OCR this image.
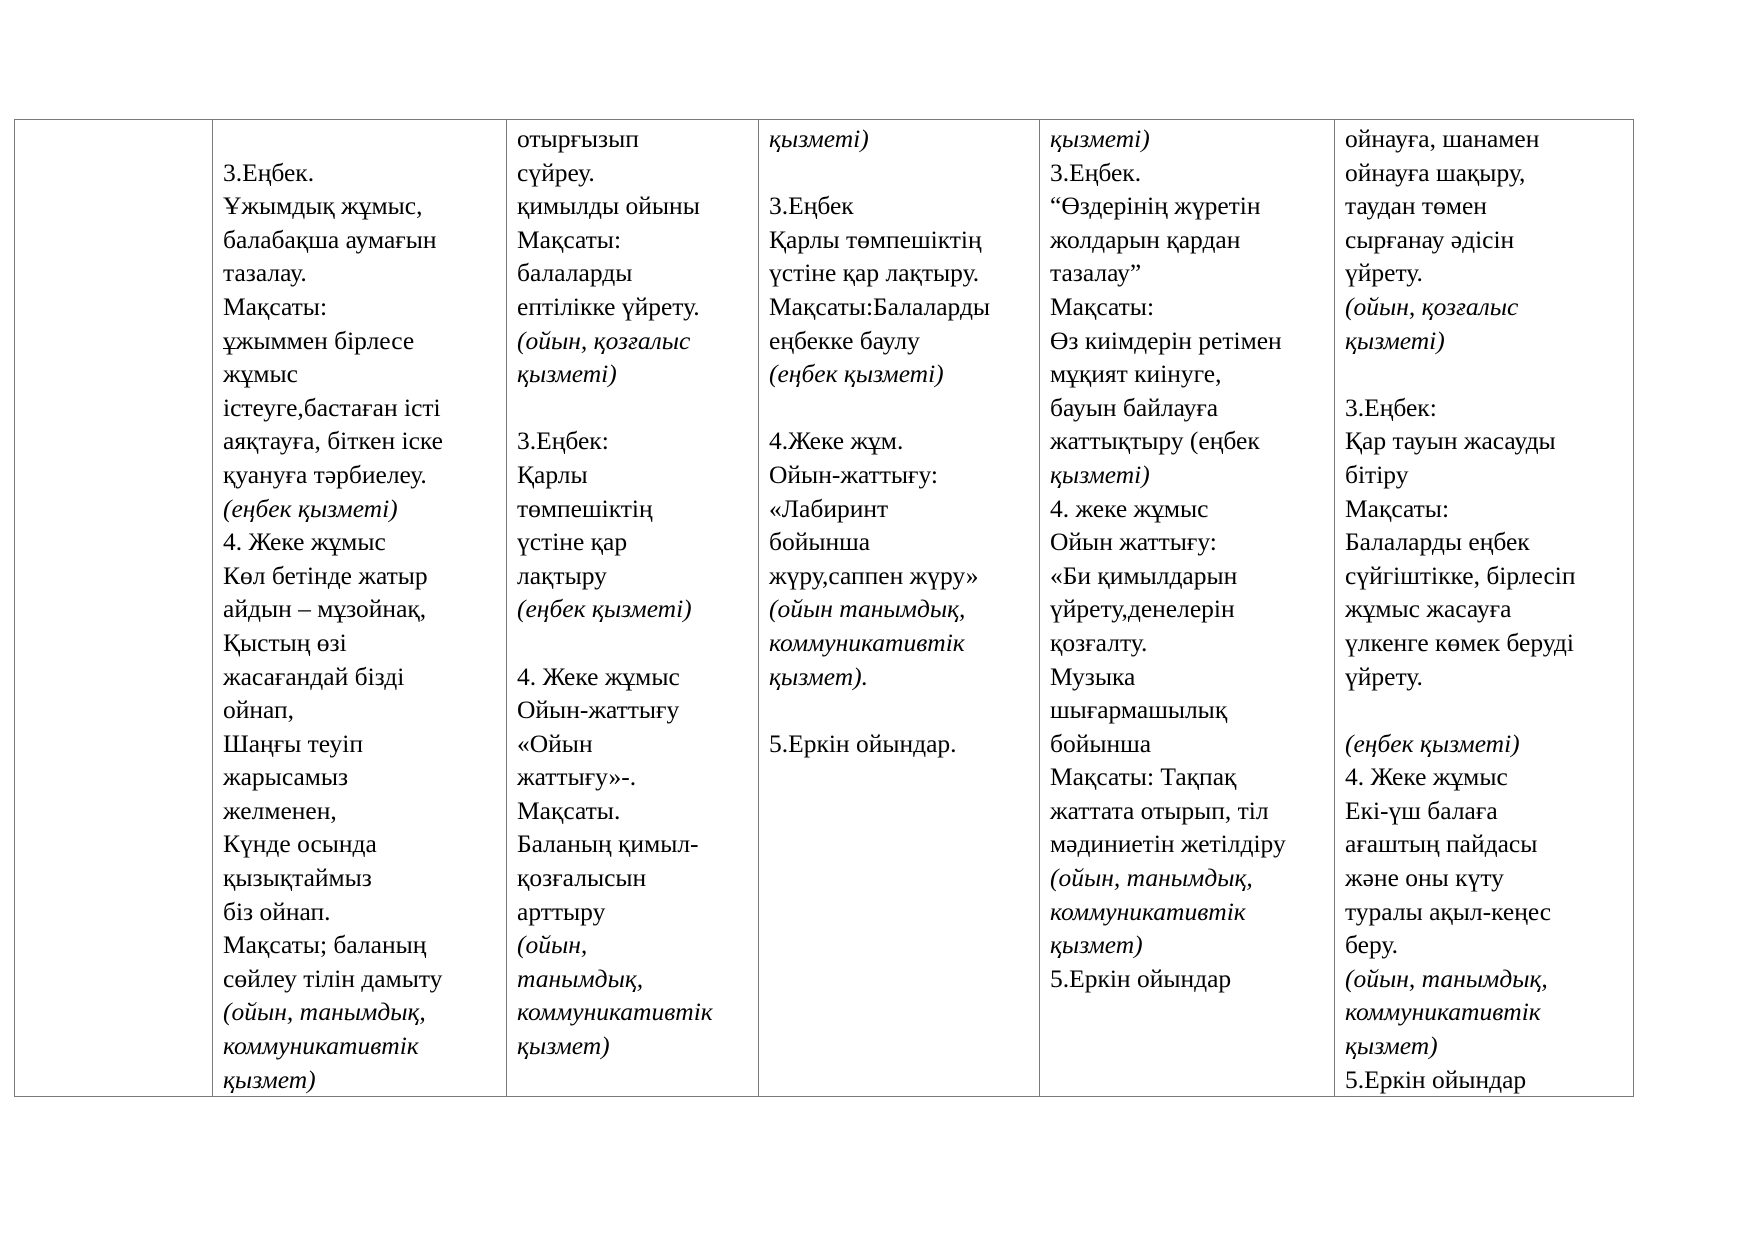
3.Еңбек.
Ұжымдық жұмыс,
балабақша аумағын
тазалау.
Мақсаты:
ұжыммен бірлесе
жұмыс
істеуге,бастаған істі
аяқтауға, біткен іске
қуануға тәрбиелеу.
(еңбек қызметі)
4. Жеке жұмыс
Көл бетінде жатыр
айдын – мұзойнақ,
Қыстың өзі
жасағандай бізді
ойнап,
Шаңғы теуіп
жарысамыз
желменен,
Күнде осында
қызықтаймыз
біз ойнап.
Мақсаты; баланың
сөйлеу тілін дамыту
(ойын, танымдық,
коммуникативтік
қызмет)
отырғызып
сүйреу.
қимылды ойыны
Мақсаты:
балаларды
ептілікке үйрету.
(ойын, қозғалыс
қызметі)
3.Еңбек:
Қарлы
төмпешіктің
үстіне қар
лақтыру
(еңбек қызметі)
4. Жеке жұмыс
Ойын-жаттығу
«Ойын
жаттығу»-.
Мақсаты.
Баланың қимыл-
қозғалысын
арттыру
(ойын,
танымдық,
коммуникативтік
қызмет)
қызметі)
3.Еңбек
Қарлы төмпешіктің
үстіне қар лақтыру.
Мақсаты:Балаларды
еңбекке баулу
(еңбек қызметі)
4.Жеке жұм.
Ойын-жаттығу:
«Лабиринт
бойынша
жүру,саппен жүру»
(ойын танымдық,
коммуникативтік
қызмет).
5.Еркін ойындар.
қызметі)
3.Еңбек.
“Өздерінің жүретін
жолдарын қардан
тазалау”
Мақсаты:
Өз киімдерін ретімен
мұқият киінуге,
бауын байлауға
жаттықтыру (еңбек
қызметі)
4. жеке жұмыс
Ойын жаттығу:
«Би қимылдарын
үйрету,денелерін
қозғалту.
Музыка
шығармашылық
бойынша
Мақсаты: Тақпақ
жаттата отырып, тіл
мәдиниетін жетілдіру
(ойын, танымдық,
коммуникативтік
қызмет)
5.Еркін ойындар
ойнауға, шанамен
ойнауға шақыру,
таудан төмен
сырғанау әдісін
үйрету.
(ойын, қозғалыс
қызметі)
3.Еңбек:
Қар тауын жасауды
бітіру
Мақсаты:
Балаларды еңбек
сүйгіштікке, бірлесіп
жұмыс жасауға
үлкенге көмек беруді
үйрету.
(еңбек қызметі)
4. Жеке жұмыс
Екі-үш балаға
ағаштың пайдасы
және оны күту
туралы ақыл-кеңес
беру.
(ойын, танымдық,
коммуникативтік
қызмет)
5.Еркін ойындар
